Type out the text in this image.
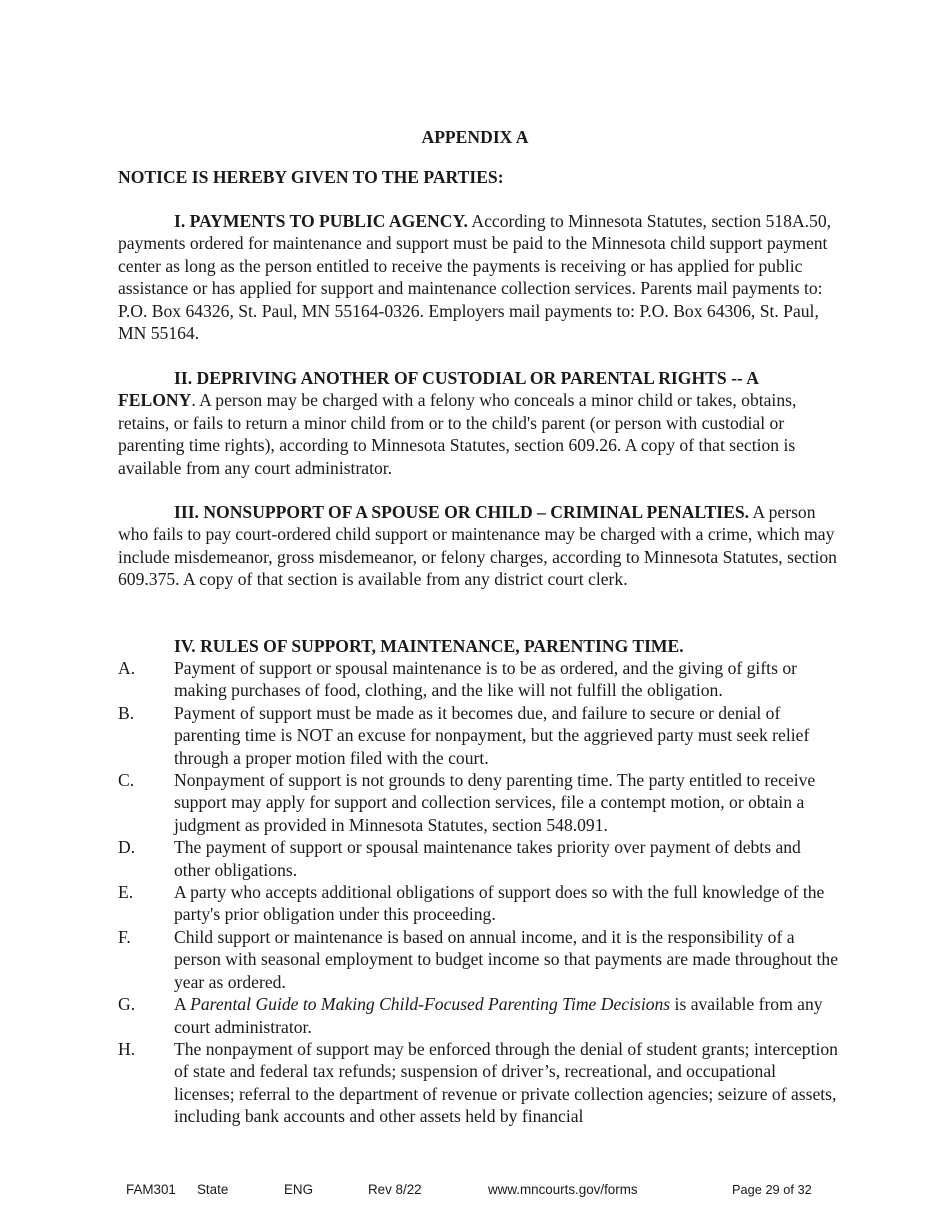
APPENDIX A
NOTICE IS HEREBY GIVEN TO THE PARTIES:

I. PAYMENTS TO PUBLIC AGENCY. According to Minnesota Statutes, section 518A.50, payments ordered for maintenance and support must be paid to the Minnesota child support payment center as long as the person entitled to receive the payments is receiving or has applied for public assistance or has applied for support and maintenance collection services. Parents mail payments to: P.O. Box 64326, St. Paul, MN 55164-0326. Employers mail payments to: P.O. Box 64306, St. Paul, MN 55164.

II. DEPRIVING ANOTHER OF CUSTODIAL OR PARENTAL RIGHTS -- A FELONY. A person may be charged with a felony who conceals a minor child or takes, obtains, retains, or fails to return a minor child from or to the child's parent (or person with custodial or parenting time rights), according to Minnesota Statutes, section 609.26. A copy of that section is available from any court administrator.

III. NONSUPPORT OF A SPOUSE OR CHILD – CRIMINAL PENALTIES. A person who fails to pay court-ordered child support or maintenance may be charged with a crime, which may include misdemeanor, gross misdemeanor, or felony charges, according to Minnesota Statutes, section 609.375. A copy of that section is available from any district court clerk.

IV. RULES OF SUPPORT, MAINTENANCE, PARENTING TIME.

A. Payment of support or spousal maintenance is to be as ordered, and the giving of gifts or making purchases of food, clothing, and the like will not fulfill the obligation.
B. Payment of support must be made as it becomes due, and failure to secure or denial of parenting time is NOT an excuse for nonpayment, but the aggrieved party must seek relief through a proper motion filed with the court.
C. Nonpayment of support is not grounds to deny parenting time. The party entitled to receive support may apply for support and collection services, file a contempt motion, or obtain a judgment as provided in Minnesota Statutes, section 548.091.
D. The payment of support or spousal maintenance takes priority over payment of debts and other obligations.
E. A party who accepts additional obligations of support does so with the full knowledge of the party's prior obligation under this proceeding.
F. Child support or maintenance is based on annual income, and it is the responsibility of a person with seasonal employment to budget income so that payments are made throughout the year as ordered.
G. A Parental Guide to Making Child-Focused Parenting Time Decisions is available from any court administrator.
H. The nonpayment of support may be enforced through the denial of student grants; interception of state and federal tax refunds; suspension of driver’s, recreational, and occupational licenses; referral to the department of revenue or private collection agencies; seizure of assets, including bank accounts and other assets held by financial
FAM301 State	ENG	Rev 8/22	www.mncourts.gov/forms	Page 29 of 32
